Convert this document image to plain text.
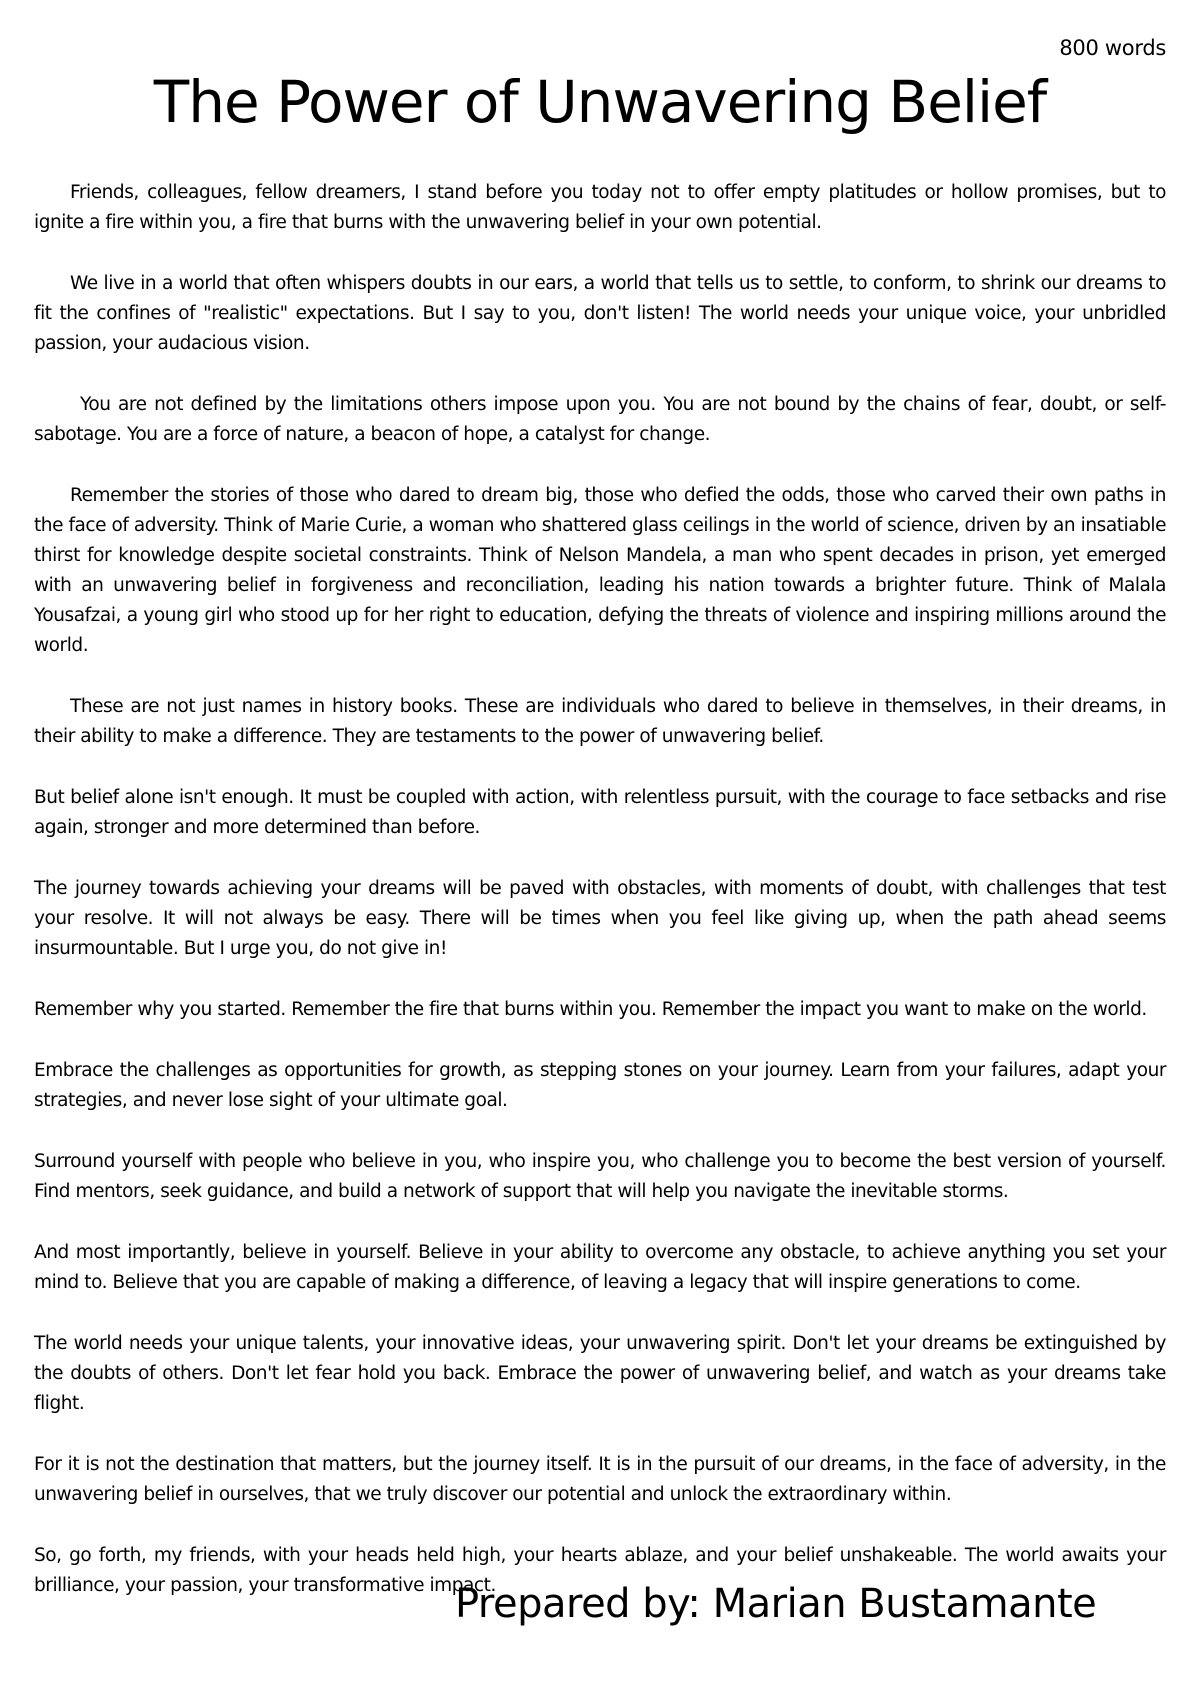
800 words
The Power of Unwavering Belief

Friends, colleagues, fellow dreamers, I stand before you today not to offer empty platitudes or hollow promises, but to ignite a fire within you, a fire that burns with the unwavering belief in your own potential.

We live in a world that often whispers doubts in our ears, a world that tells us to settle, to conform, to shrink our dreams to fit the confines of "realistic" expectations. But I say to you, don't listen! The world needs your unique voice, your unbridled passion, your audacious vision.

You are not defined by the limitations others impose upon you. You are not bound by the chains of fear, doubt, or self-sabotage. You are a force of nature, a beacon of hope, a catalyst for change.

Remember the stories of those who dared to dream big, those who defied the odds, those who carved their own paths in the face of adversity. Think of Marie Curie, a woman who shattered glass ceilings in the world of science, driven by an insatiable thirst for knowledge despite societal constraints. Think of Nelson Mandela, a man who spent decades in prison, yet emerged with an unwavering belief in forgiveness and reconciliation, leading his nation towards a brighter future. Think of Malala Yousafzai, a young girl who stood up for her right to education, defying the threats of violence and inspiring millions around the world.

These are not just names in history books. These are individuals who dared to believe in themselves, in their dreams, in their ability to make a difference. They are testaments to the power of unwavering belief.

But belief alone isn't enough. It must be coupled with action, with relentless pursuit, with the courage to face setbacks and rise again, stronger and more determined than before.

The journey towards achieving your dreams will be paved with obstacles, with moments of doubt, with challenges that test your resolve. It will not always be easy. There will be times when you feel like giving up, when the path ahead seems insurmountable. But I urge you, do not give in!

Remember why you started. Remember the fire that burns within you. Remember the impact you want to make on the world.

Embrace the challenges as opportunities for growth, as stepping stones on your journey. Learn from your failures, adapt your strategies, and never lose sight of your ultimate goal.

Surround yourself with people who believe in you, who inspire you, who challenge you to become the best version of yourself. Find mentors, seek guidance, and build a network of support that will help you navigate the inevitable storms.

And most importantly, believe in yourself. Believe in your ability to overcome any obstacle, to achieve anything you set your mind to. Believe that you are capable of making a difference, of leaving a legacy that will inspire generations to come.

The world needs your unique talents, your innovative ideas, your unwavering spirit. Don't let your dreams be extinguished by the doubts of others. Don't let fear hold you back. Embrace the power of unwavering belief, and watch as your dreams take flight.

For it is not the destination that matters, but the journey itself. It is in the pursuit of our dreams, in the face of adversity, in the unwavering belief in ourselves, that we truly discover our potential and unlock the extraordinary within.

So, go forth, my friends, with your heads held high, your hearts ablaze, and your belief unshakeable. The world awaits your brilliance, your passion, your transformative impact.

Prepared by: Marian Bustamante
